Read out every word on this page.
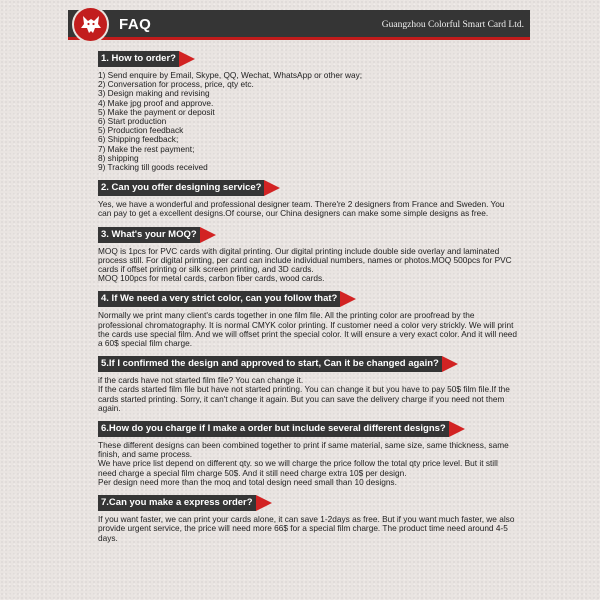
FAQ	Guangzhou Colorful Smart Card Ltd.
1. How to order?

1) Send enquire by Email, Skype, QQ, Wechat, WhatsApp or other way;

2) Conversation for process, price, qty etc.

3) Design making and revising

4) Make jpg proof and approve.

5) Make the payment or deposit

6) Start production

5) Production feedback

6) Shipping feedback;

7) Make the rest payment;

8) shipping

9) Tracking till goods received

2. Can you offer designing service?

Yes, we have a wonderful and professional designer team. There're 2 designers from France and Sweden. You can pay to get a excellent designs.Of course, our China designers can make some simple designs as free.

3. What's your MOQ?

MOQ is 1pcs for PVC cards with digital printing. Our digital printing include double side overlay and laminated process still. For digital printing, per card can include individual numbers, names or photos.MOQ 500pcs for PVC cards if offset printing or silk screen printing, and 3D cards.

MOQ 100pcs for metal cards, carbon fiber cards, wood cards.

4. If We need a very strict color, can you follow that?

Normally we print many client's cards together in one film file. All the printing color are proofread by the professional chromatography. It is normal CMYK color printing. If customer need a color very strickly. We will print the cards use special film. And we will offset print the special color. It will ensure a very exact color. And it will need a 60$ special film charge.

5.If I confirmed the design and approved to start, Can it be changed again?

if the cards have not started film file? You can change it.

If the cards started film file but have not started printing. You can change it but you have to pay 50$ film file.If the cards started printing. Sorry, it can't change it again. But you can save the delivery charge if you need not them again.

6.How do you charge if I make a order but include several different designs?

These different designs can been combined together to print if same material, same size, same thickness, same finish, and same process.

We have price list depend on different qty. so we will charge the price follow the total qty price level. But it still need charge a special film charge 50$. And it still need charge extra 10$ per design.

Per design need more than the moq and total design need small than 10 designs.

7.Can you make a express order?

If you want faster, we can print your cards alone, it can save 1-2days as free. But if you want much faster, we also provide urgent service, the price will need more 66$ for a special film charge. The product time need around 4-5 days.
